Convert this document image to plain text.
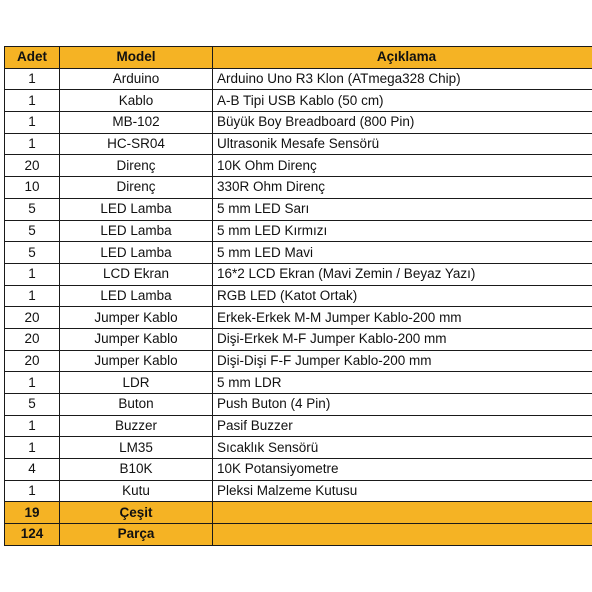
Adet	Model	Açıklama
1	Arduino	Arduino Uno R3 Klon (ATmega328 Chip)
1	Kablo	A-B Tipi USB Kablo (50 cm)
1	MB-102	Büyük Boy Breadboard (800 Pin)
1	HC-SR04	Ultrasonik Mesafe Sensörü
20	Direnç	10K Ohm Direnç
10	Direnç	330R Ohm Direnç
5	LED Lamba	5 mm LED Sarı
5	LED Lamba	5 mm LED Kırmızı
5	LED Lamba	5 mm LED Mavi
1	LCD Ekran	16*2 LCD Ekran (Mavi Zemin / Beyaz Yazı)
1	LED Lamba	RGB LED (Katot Ortak)
20	Jumper Kablo	Erkek-Erkek M-M Jumper Kablo-200 mm
20	Jumper Kablo	Dişi-Erkek M-F Jumper Kablo-200 mm
20	Jumper Kablo	Dişi-Dişi F-F Jumper Kablo-200 mm
1	LDR	5 mm LDR
5	Buton	Push Buton (4 Pin)
1	Buzzer	Pasif Buzzer
1	LM35	Sıcaklık Sensörü
4	B10K	10K Potansiyometre
1	Kutu	Pleksi Malzeme Kutusu
19	Çeşit	
124	Parça	
